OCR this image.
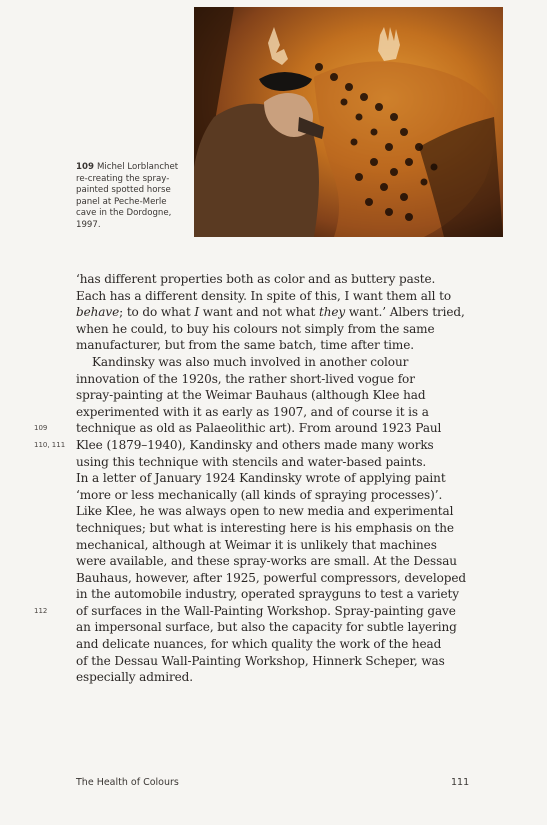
109 Michel Lorblanchet
re-creating the spray-
painted spotted horse
panel at Peche-Merle
cave in the Dordogne,
1997.
‘has different properties both as color and as buttery paste.
Each has a different density. In spite of this, I want them all to
behave; to do what I want and not what they want.’ Albers tried,
when he could, to buy his colours not simply from the same
manufacturer, but from the same batch, time after time.
Kandinsky was also much involved in another colour
innovation of the 1920s, the rather short-lived vogue for
spray-painting at the Weimar Bauhaus (although Klee had
experimented with it as early as 1907, and of course it is a
technique as old as Palaeolithic art). From around 1923 Paul
Klee (1879–1940), Kandinsky and others made many works
using this technique with stencils and water-based paints.
In a letter of January 1924 Kandinsky wrote of applying paint
‘more or less mechanically (all kinds of spraying processes)’.
Like Klee, he was always open to new media and experimental
techniques; but what is interesting here is his emphasis on the
mechanical, although at Weimar it is unlikely that machines
were available, and these spray-works are small. At the Dessau
Bauhaus, however, after 1925, powerful compressors, developed
in the automobile industry, operated sprayguns to test a variety
of surfaces in the Wall-Painting Workshop. Spray-painting gave
an impersonal surface, but also the capacity for subtle layering
and delicate nuances, for which quality the work of the head
of the Dessau Wall-Painting Workshop, Hinnerk Scheper, was
especially admired.
109
110, 111
112
The Health of Colours	111
